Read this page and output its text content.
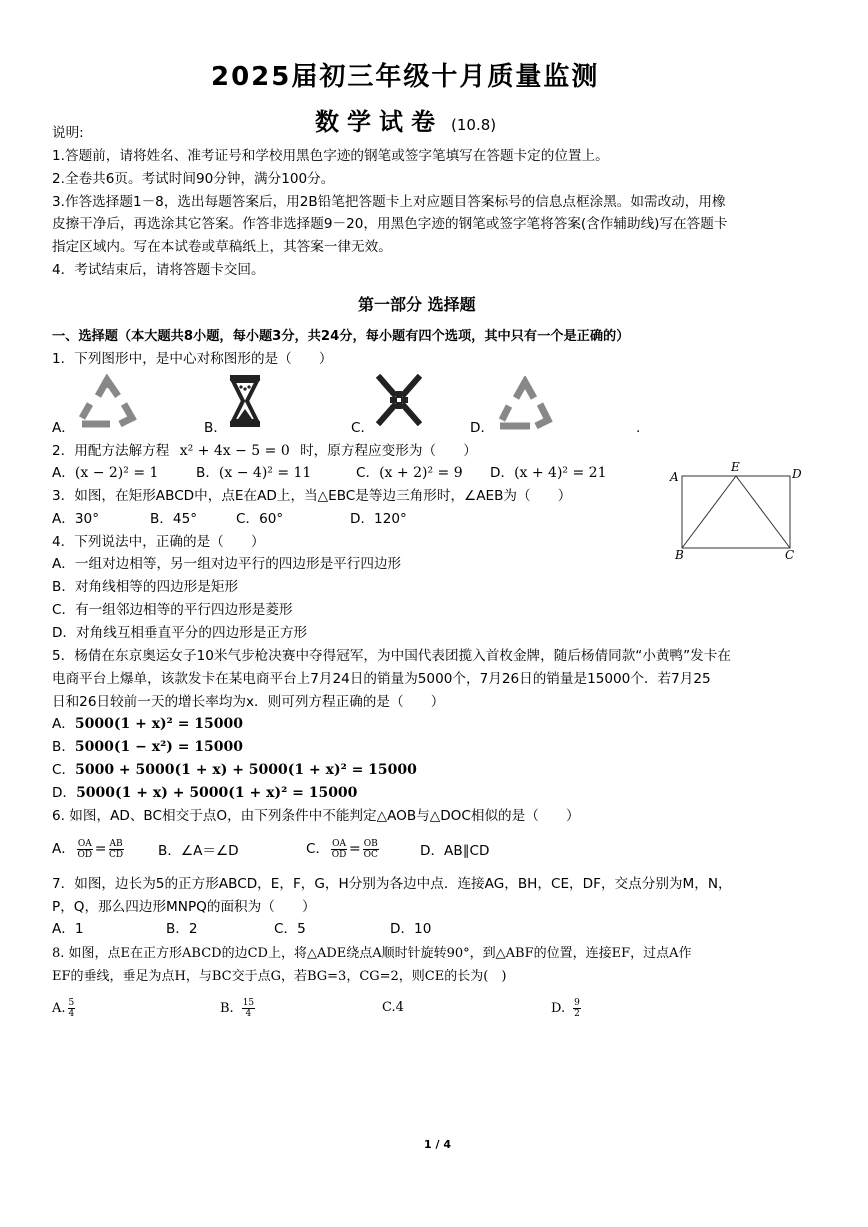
2025届初三年级十月质量监测
数学试卷 (10.8)
说明:
1.答题前，请将姓名、准考证号和学校用黑色字迹的钢笔或签字笔填写在答题卡定的位置上。
2.全卷共6页。考试时间90分钟，满分100分。
3.作答选择题1－8，选出每题答案后，用2B铅笔把答题卡上对应题目答案标号的信息点框涂黑。如需改动，用橡
皮擦干净后，再选涂其它答案。作答非选择题9－20，用黑色字迹的钢笔或签字笔将答案(含作辅助线)写在答题卡
指定区域内。写在本试卷或草稿纸上，其答案一律无效。
4．考试结束后，请将答题卡交回。
第一部分 选择题
一、选择题（本大题共8小题，每小题3分，共24分，每小题有四个选项，其中只有一个是正确的）
1．下列图形中，是中心对称图形的是（　　）
A．	B．	C．	D．	.
2．用配方法解方程 x² + 4x − 5 = 0 时，原方程应变形为（　　）
A．(x − 2)² = 1	B．(x − 4)² = 11	C．(x + 2)² = 9 D．(x + 4)² = 21	A
E	D
B	C
3．如图，在矩形ABCD中，点E在AD上，当△EBC是等边三角形时，∠AEB为（　　）
A．30°	B．45°	C．60°	D．120°
4．下列说法中，正确的是（　　）
A．一组对边相等，另一组对边平行的四边形是平行四边形
B．对角线相等的四边形是矩形
C．有一组邻边相等的平行四边形是菱形
D．对角线互相垂直平分的四边形是正方形
5．杨倩在东京奥运女子10米气步枪决赛中夺得冠军，为中国代表团揽入首枚金牌，随后杨倩同款“小黄鸭”发卡在
电商平台上爆单，该款发卡在某电商平台上7月24日的销量为5000个，7月26日的销量是15000个．若7月25
日和26日较前一天的增长率均为x．则可列方程正确的是（　　）
A．5000(1 + x)² = 15000
B．5000(1 − x²) = 15000
C．5000 + 5000(1 + x) + 5000(1 + x)² = 15000
D．5000(1 + x) + 5000(1 + x)² = 15000
6. 如图，AD、BC相交于点O，由下列条件中不能判定△AOB与△DOC相似的是（　　）
A． $\frac{OA}{OD} = \frac{AB}{CD}$	B．∠A＝∠D	C． $\frac{OA}{OD} = \frac{OB}{OC}$	D．AB∥CD
7．如图，边长为5的正方形ABCD，E，F，G，H分别为各边中点．连接AG，BH，CE，DF，交点分别为M，N，
P，Q，那么四边形MNPQ的面积为（　　）
A．1	B．2	C．5	D．10
8. 如图，点E在正方形ABCD的边CD上，将△ADE绕点A顺时针旋转90°，到△ABF的位置，连接EF，过点A作
EF的垂线，垂足为点H，与BC交于点G，若BG=3，CG=2，则CE的长为(　)
A. $\frac{5}{4}$	B. $\frac{15}{4}$	C.4	D. $\frac{9}{2}$
1 / 4
